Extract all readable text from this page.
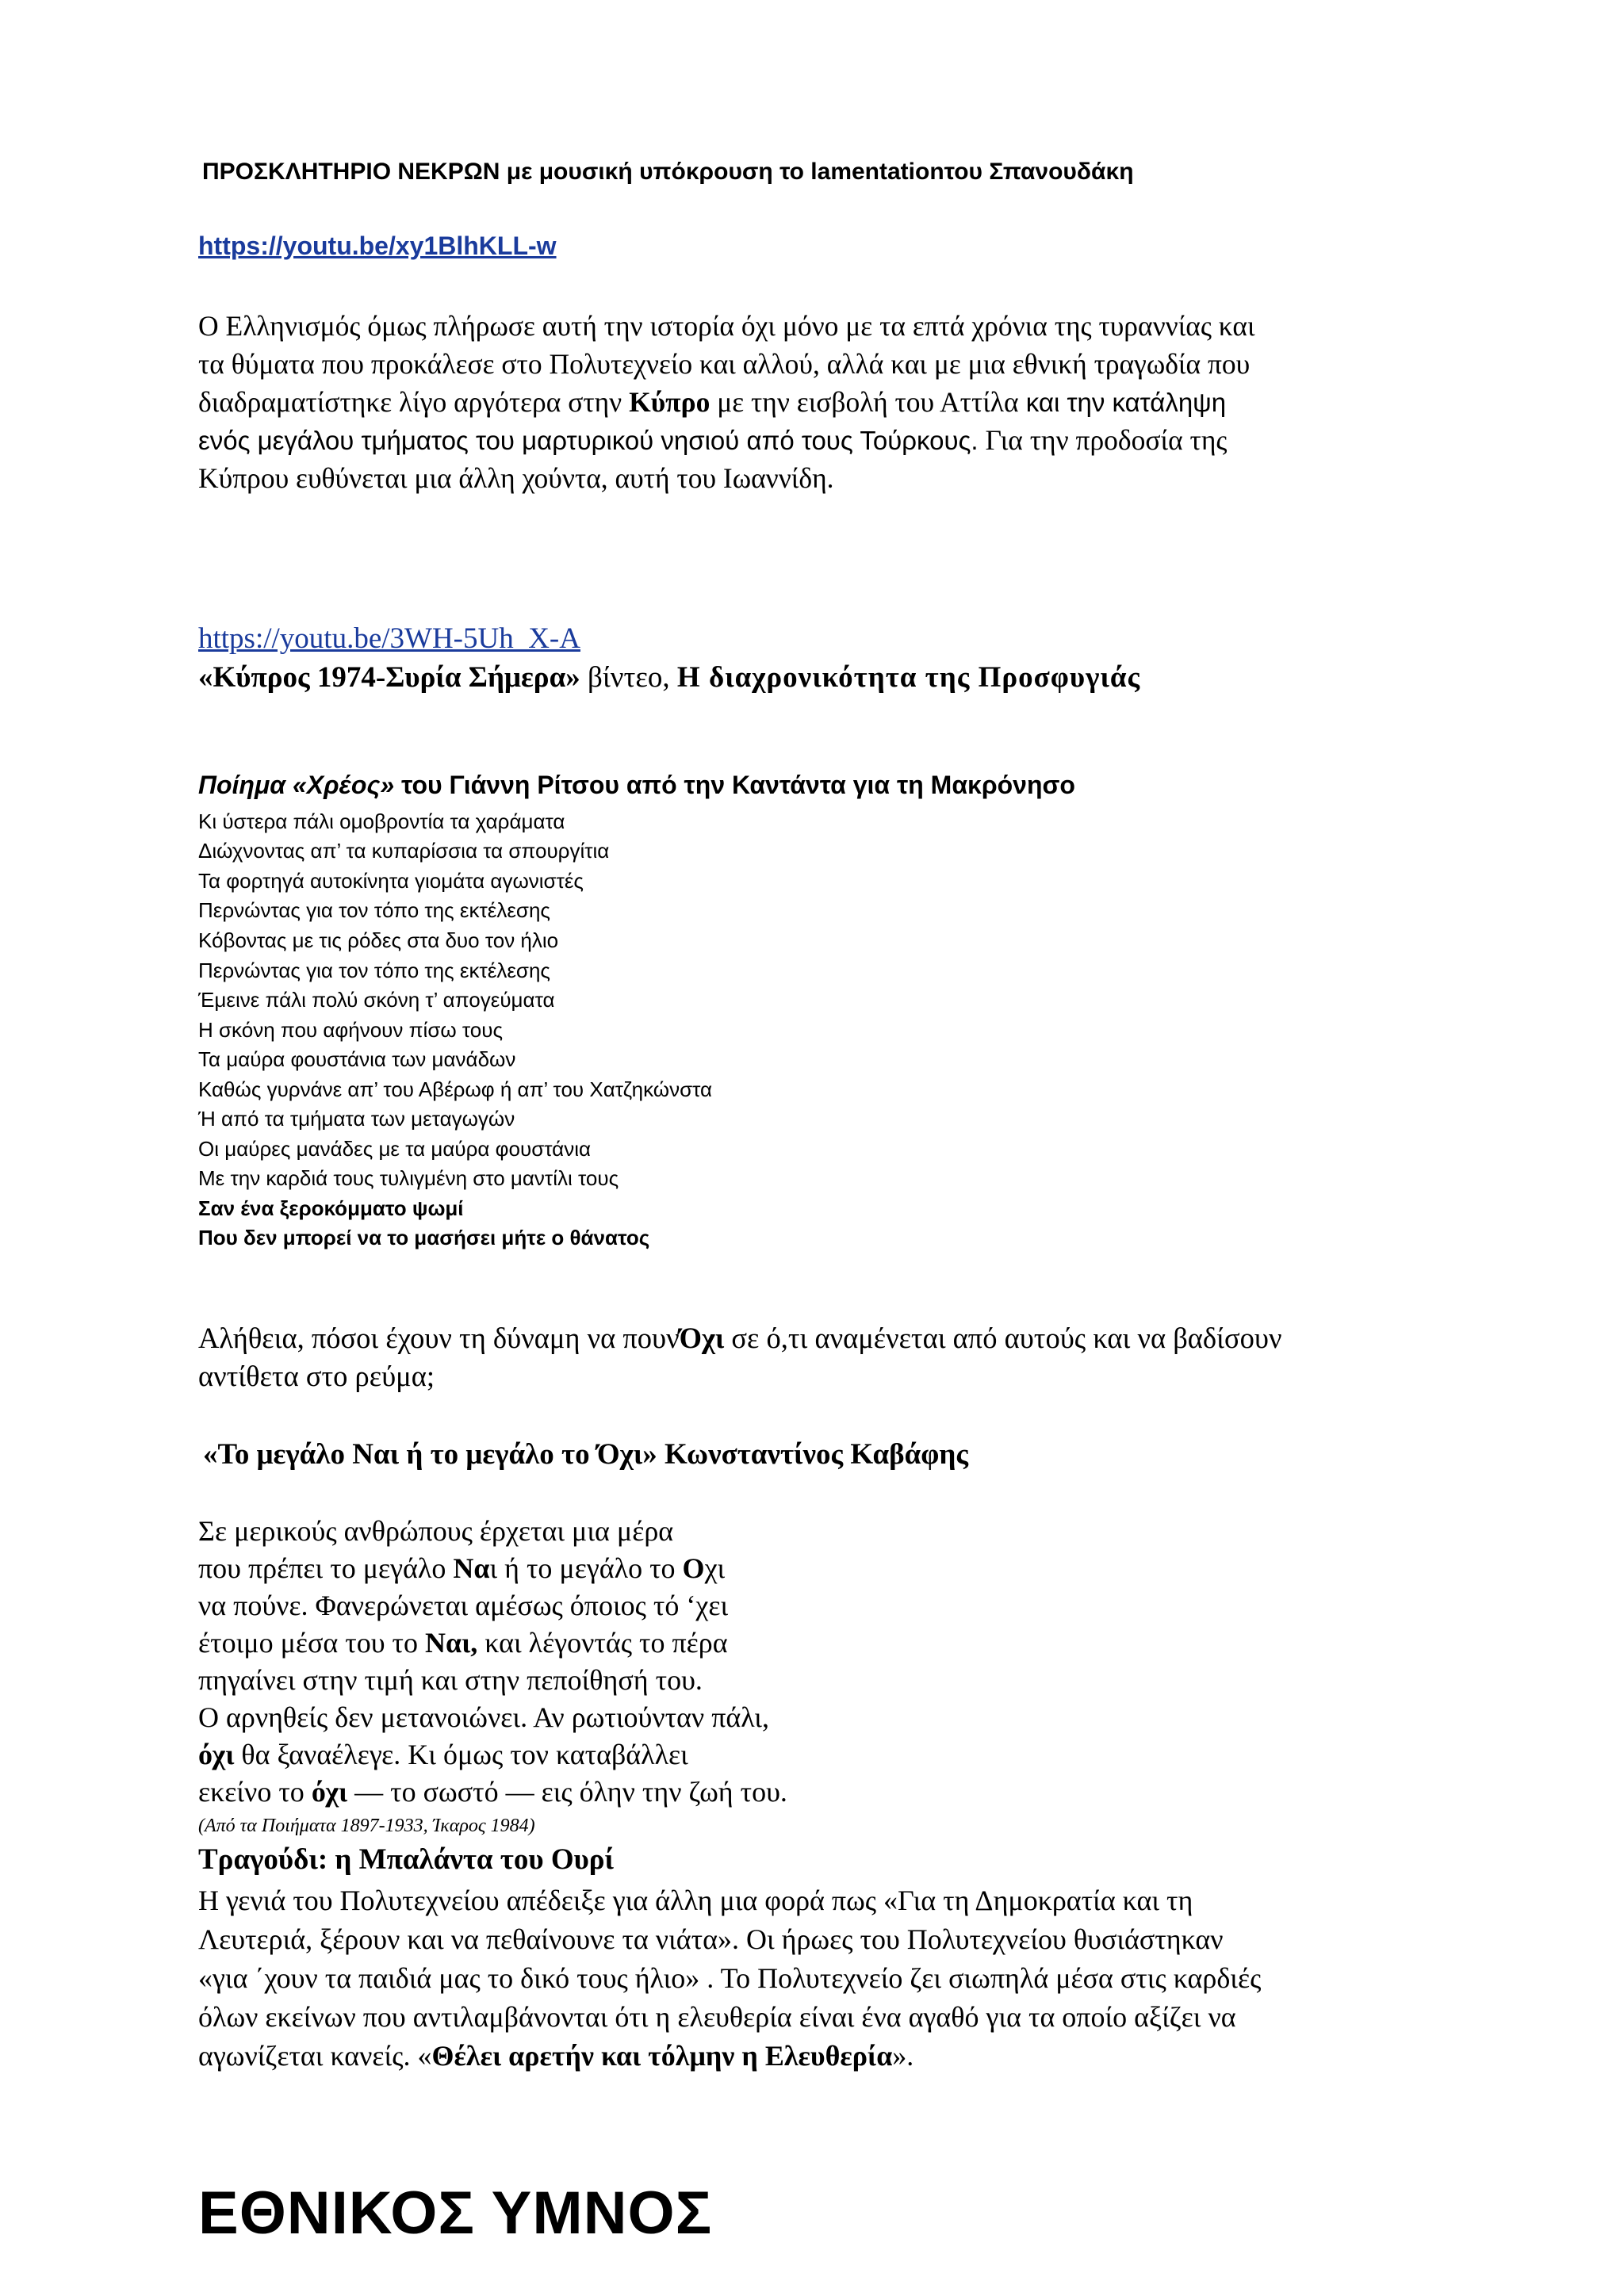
ΠΡΟΣΚΛΗΤΗΡΙΟ ΝΕΚΡΩΝ με μουσική υπόκρουση το lamentationτου Σπανουδάκη
https://youtu.be/xy1BlhKLL-w
Ο Ελληνισμός όμως πλήρωσε αυτή την ιστορία όχι μόνο με τα επτά χρόνια της τυραννίας και
τα θύματα που προκάλεσε στο Πολυτεχνείο και αλλού, αλλά και με μια εθνική τραγωδία που
διαδραματίστηκε λίγο αργότερα στην Κύπρο με την εισβολή του Αττίλα και την κατάληψη
ενός μεγάλου τμήματος του μαρτυρικού νησιού από τους Τούρκους. Για την προδοσία της
Κύπρου ευθύνεται μια άλλη χούντα, αυτή του Ιωαννίδη.
https://youtu.be/3WH-5Uh_X-A
«Κύπρος 1974-Συρία Σήμερα» βίντεο, Η διαχρονικότητα της Προσφυγιάς
Ποίημα «Χρέος» του Γιάννη Ρίτσου από την Καντάντα για τη Μακρόνησο
Κι ύστερα πάλι ομοβροντία τα χαράματα
Διώχνοντας απ’ τα κυπαρίσσια τα σπουργίτια
Τα φορτηγά αυτοκίνητα γιομάτα αγωνιστές
Περνώντας για τον τόπο της εκτέλεσης
Κόβοντας με τις ρόδες στα δυο τον ήλιο
Περνώντας για τον τόπο της εκτέλεσης
Έμεινε πάλι πολύ σκόνη τ’ απογεύματα
Η σκόνη που αφήνουν πίσω τους
Τα μαύρα φουστάνια των μανάδων
Καθώς γυρνάνε απ’ του Αβέρωφ ή απ’ του Χατζηκώνστα
Ή από τα τμήματα των μεταγωγών
Οι μαύρες μανάδες με τα μαύρα φουστάνια
Με την καρδιά τους τυλιγμένη στο μαντίλι τους
Σαν ένα ξεροκόμματο ψωμί
Που δεν μπορεί να το μασήσει μήτε ο θάνατος
Αλήθεια, πόσοι έχουν τη δύναμη να πουνΌχι σε ό,τι αναμένεται από αυτούς και να βαδίσουν
αντίθετα στο ρεύμα;
«Το μεγάλο Ναι ή το μεγάλο το Όχι» Κωνσταντίνος Καβάφης
Σε μερικούς ανθρώπους έρχεται μια μέρα
που πρέπει το μεγάλο Ναι ή το μεγάλο το Οχι
να πούνε. Φανερώνεται αμέσως όποιος τό ‘χει
έτοιμο μέσα του το Ναι, και λέγοντάς το πέρα
πηγαίνει στην τιμή και στην πεποίθησή του.
Ο αρνηθείς δεν μετανοιώνει. Αν ρωτιούνταν πάλι,
όχι θα ξαναέλεγε. Κι όμως τον καταβάλλει
εκείνο το όχι — το σωστό — εις όλην την ζωή του.
(Από τα Ποιήματα 1897-1933, Ίκαρος 1984)
Τραγούδι: η Μπαλάντα του Ουρί
Η γενιά του Πολυτεχνείου απέδειξε για άλλη μια φορά πως «Για τη Δημοκρατία και τη
Λευτεριά, ξέρουν και να πεθαίνουνε τα νιάτα». Οι ήρωες του Πολυτεχνείου θυσιάστηκαν
«για ΄χουν τα παιδιά μας το δικό τους ήλιο» . Το Πολυτεχνείο ζει σιωπηλά μέσα στις καρδιές
όλων εκείνων που αντιλαμβάνονται ότι η ελευθερία είναι ένα αγαθό για τα οποίο αξίζει να
αγωνίζεται κανείς. «Θέλει αρετήν και τόλμην η Ελευθερία».
ΕΘΝΙΚΟΣ ΥΜΝΟΣ
